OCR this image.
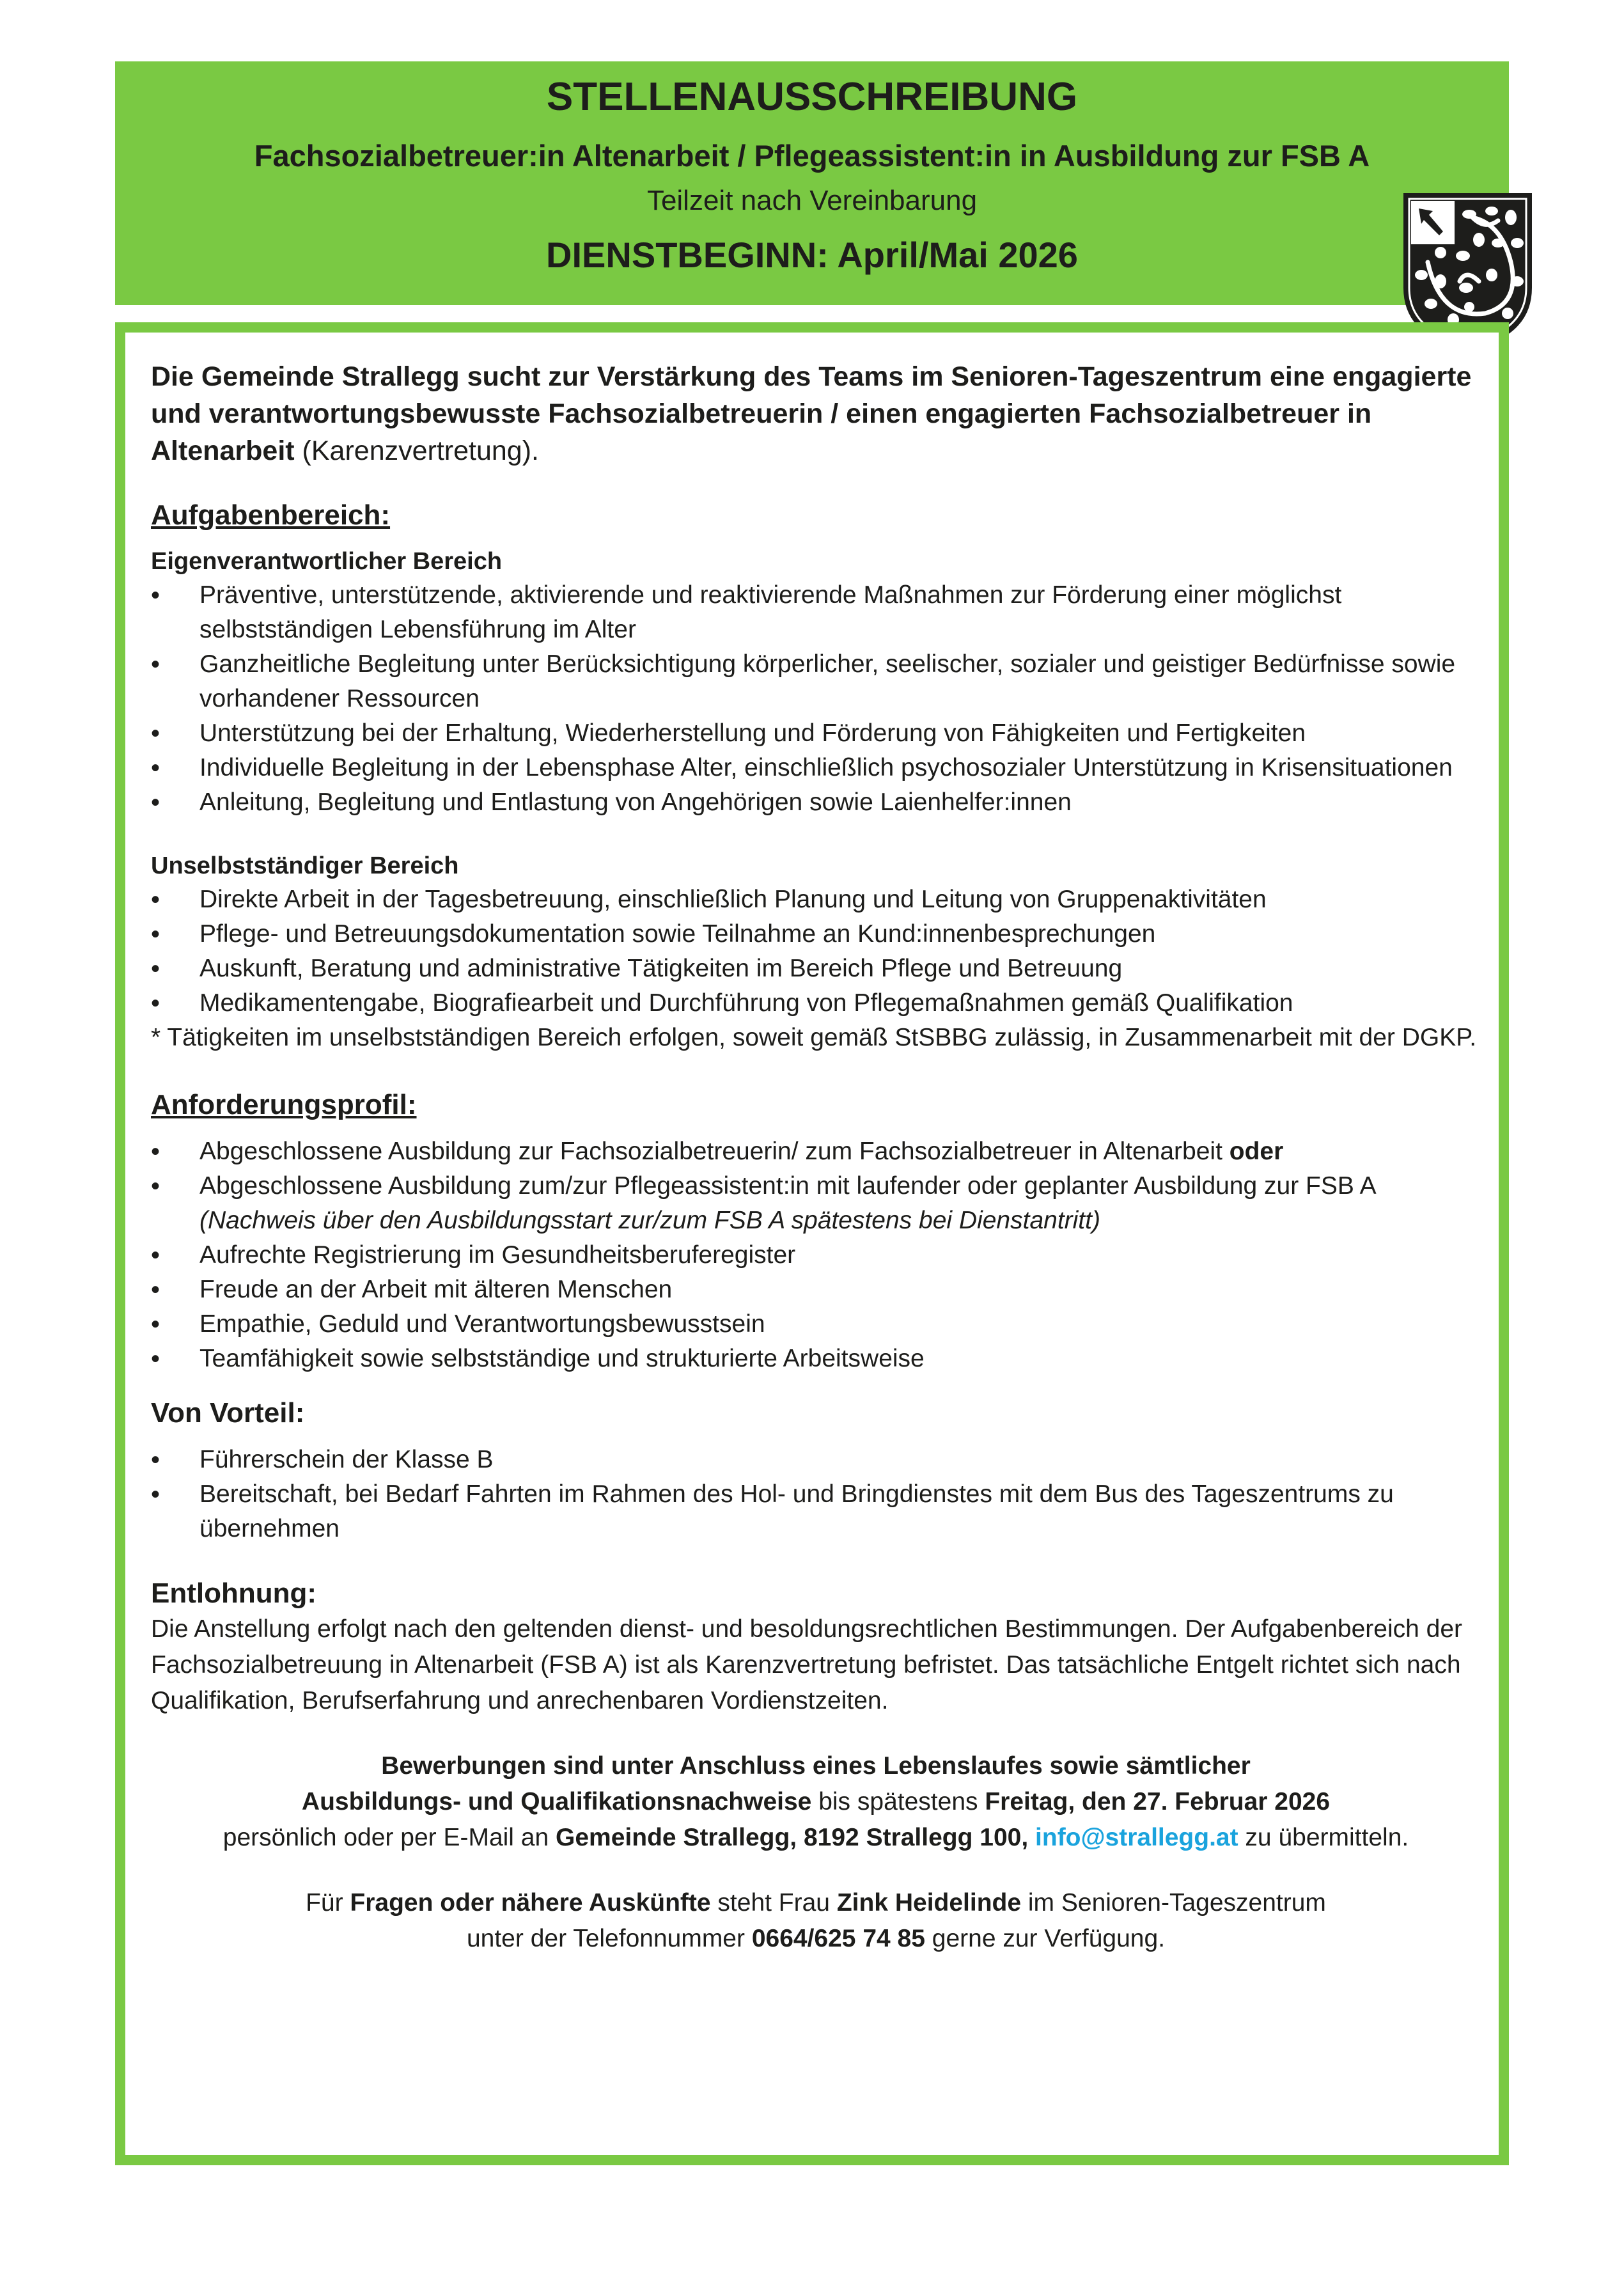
STELLENAUSSCHREIBUNG
Fachsozialbetreuer:in Altenarbeit / Pflegeassistent:in in Ausbildung zur FSB A
Teilzeit nach Vereinbarung
DIENSTBEGINN: April/Mai 2026

Die Gemeinde Strallegg sucht zur Verstärkung des Teams im Senioren-Tageszentrum eine engagierte und verantwortungsbewusste Fachsozialbetreuerin / einen engagierten Fachsozialbetreuer in Altenarbeit (Karenzvertretung).

Aufgabenbereich:

Eigenverantwortlicher Bereich

• Präventive, unterstützende, aktivierende und reaktivierende Maßnahmen zur Förderung einer möglichst selbstständigen Lebensführung im Alter
• Ganzheitliche Begleitung unter Berücksichtigung körperlicher, seelischer, sozialer und geistiger Bedürfnisse sowie vorhandener Ressourcen
• Unterstützung bei der Erhaltung, Wiederherstellung und Förderung von Fähigkeiten und Fertigkeiten
• Individuelle Begleitung in der Lebensphase Alter, einschließlich psychosozialer Unterstützung in Krisensituationen
• Anleitung, Begleitung und Entlastung von Angehörigen sowie Laienhelfer:innen

Unselbstständiger Bereich

• Direkte Arbeit in der Tagesbetreuung, einschließlich Planung und Leitung von Gruppenaktivitäten
• Pflege- und Betreuungsdokumentation sowie Teilnahme an Kund:innenbesprechungen
• Auskunft, Beratung und administrative Tätigkeiten im Bereich Pflege und Betreuung
• Medikamentengabe, Biografiearbeit und Durchführung von Pflegemaßnahmen gemäß Qualifikation

* Tätigkeiten im unselbstständigen Bereich erfolgen, soweit gemäß StSBBG zulässig, in Zusammenarbeit mit der DGKP.

Anforderungsprofil:
• Abgeschlossene Ausbildung zur Fachsozialbetreuerin/ zum Fachsozialbetreuer in Altenarbeit oder
• Abgeschlossene Ausbildung zum/zur Pflegeassistent:in mit laufender oder geplanter Ausbildung zur FSB A
(Nachweis über den Ausbildungsstart zur/zum FSB A spätestens bei Dienstantritt)
• Aufrechte Registrierung im Gesundheitsberuferegister
• Freude an der Arbeit mit älteren Menschen
• Empathie, Geduld und Verantwortungsbewusstsein
• Teamfähigkeit sowie selbstständige und strukturierte Arbeitsweise
Von Vorteil:
• Führerschein der Klasse B
• Bereitschaft, bei Bedarf Fahrten im Rahmen des Hol- und Bringdienstes mit dem Bus des Tageszentrums zu übernehmen
Entlohnung:

Die Anstellung erfolgt nach den geltenden dienst- und besoldungsrechtlichen Bestimmungen. Der Aufgabenbereich der Fachsozialbetreuung in Altenarbeit (FSB A) ist als Karenzvertretung befristet. Das tatsächliche Entgelt richtet sich nach Qualifikation, Berufserfahrung und anrechenbaren Vordienstzeiten.

Bewerbungen sind unter Anschluss eines Lebenslaufes sowie sämtlicher

Ausbildungs- und Qualifikationsnachweise bis spätestens Freitag, den 27. Februar 2026

persönlich oder per E-Mail an Gemeinde Strallegg, 8192 Strallegg 100, info@strallegg.at zu übermitteln.

Für Fragen oder nähere Auskünfte steht Frau Zink Heidelinde im Senioren-Tageszentrum

unter der Telefonnummer 0664/625 74 85 gerne zur Verfügung.
